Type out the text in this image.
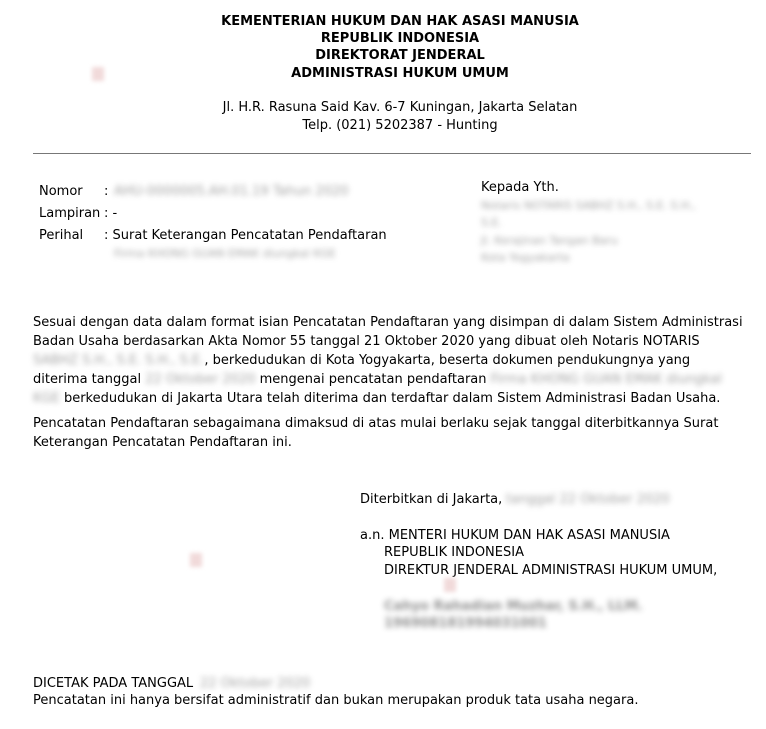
KEMENTERIAN HUKUM DAN HAK ASASI MANUSIA
REPUBLIK INDONESIA
DIREKTORAT JENDERAL
ADMINISTRASI HUKUM UMUM
Jl. H.R. Rasuna Said Kav. 6-7 Kuningan, Jakarta Selatan
Telp. (021) 5202387 - Hunting
Nomor : AHU-0000005.AH.01.19 Tahun 2020
Lampiran : -
Perihal : Surat Keterangan Pencatatan Pendaftaran
Firma KHONG GUAN EMAK diungkal KGE
Kepada Yth.
Notaris NOTARIS SABHZ S.H., S.E. S.H.,
S.E.
Jl. Kerajinan Tangan Baru
Kota Yogyakarta
Sesuai dengan data dalam format isian Pencatatan Pendaftaran yang disimpan di dalam Sistem Administrasi Badan Usaha berdasarkan Akta Nomor 55 tanggal 21 Oktober 2020 yang dibuat oleh Notaris NOTARIS SABHZ S.H., S.E. S.H., S.E., berkedudukan di Kota Yogyakarta, beserta dokumen pendukungnya yang diterima tanggal 22 Oktober 2020 mengenai pencatatan pendaftaran Firma KHONG GUAN EMAK diungkal KGE berkedudukan di Jakarta Utara telah diterima dan terdaftar dalam Sistem Administrasi Badan Usaha.
Pencatatan Pendaftaran sebagaimana dimaksud di atas mulai berlaku sejak tanggal diterbitkannya Surat Keterangan Pencatatan Pendaftaran ini.
Diterbitkan di Jakarta, tanggal 22 Oktober 2020
a.n. MENTERI HUKUM DAN HAK ASASI MANUSIA
REPUBLIK INDONESIA
DIREKTUR JENDERAL ADMINISTRASI HUKUM UMUM,
Cahyo Rahadian Muzhar, S.H., LLM.
196908181994031001
DICETAK PADA TANGGAL 22 Oktober 2020
Pencatatan ini hanya bersifat administratif dan bukan merupakan produk tata usaha negara.
